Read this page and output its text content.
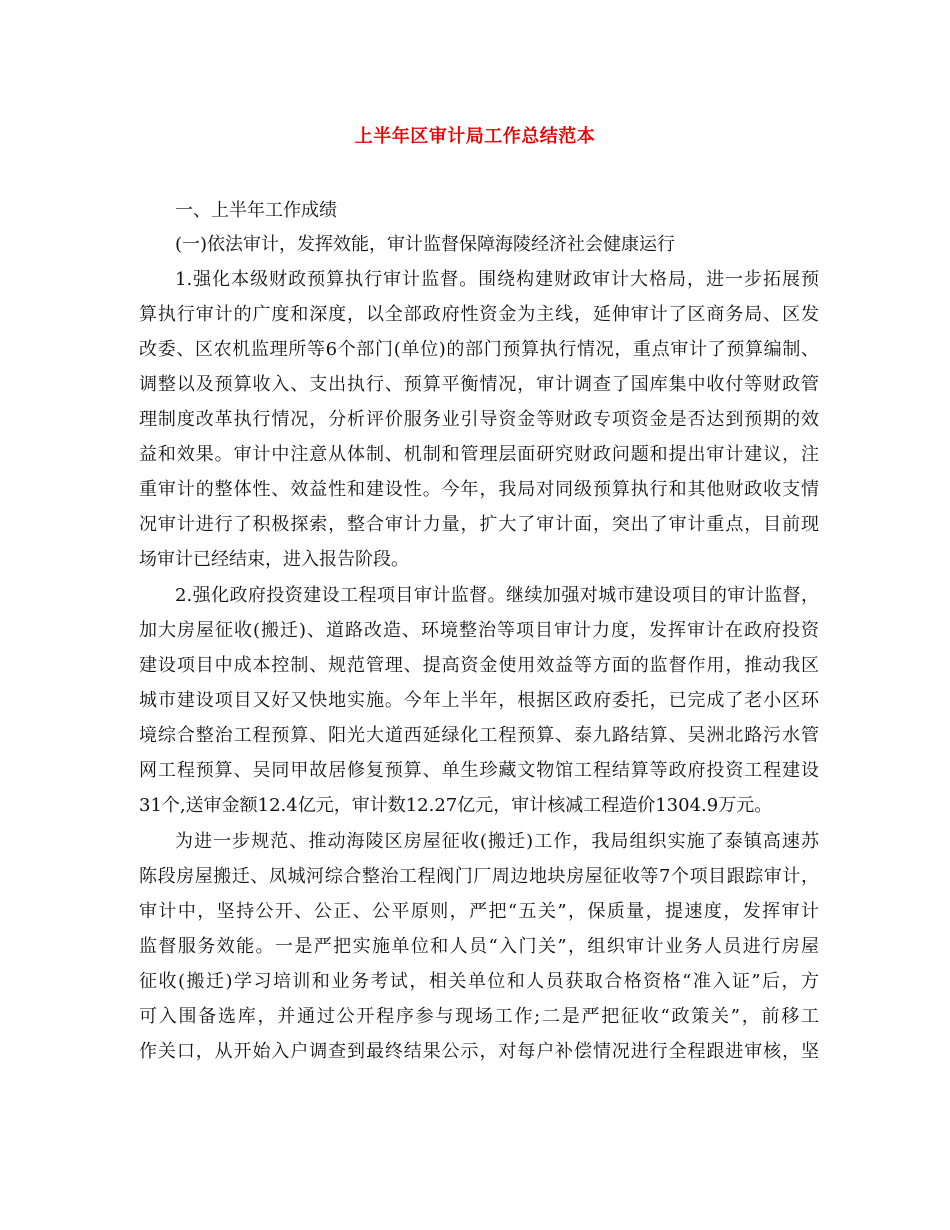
上半年区审计局工作总结范本
一、上半年工作成绩
(一)依法审计，发挥效能，审计监督保障海陵经济社会健康运行
1.强化本级财政预算执行审计监督。围绕构建财政审计大格局，进一步拓展预
算执行审计的广度和深度，以全部政府性资金为主线，延伸审计了区商务局、区发
改委、区农机监理所等6个部门(单位)的部门预算执行情况，重点审计了预算编制、
调整以及预算收入、支出执行、预算平衡情况，审计调查了国库集中收付等财政管
理制度改革执行情况，分析评价服务业引导资金等财政专项资金是否达到预期的效
益和效果。审计中注意从体制、机制和管理层面研究财政问题和提出审计建议，注
重审计的整体性、效益性和建设性。今年，我局对同级预算执行和其他财政收支情
况审计进行了积极探索，整合审计力量，扩大了审计面，突出了审计重点，目前现
场审计已经结束，进入报告阶段。
2.强化政府投资建设工程项目审计监督。继续加强对城市建设项目的审计监督，
加大房屋征收(搬迁)、道路改造、环境整治等项目审计力度，发挥审计在政府投资
建设项目中成本控制、规范管理、提高资金使用效益等方面的监督作用，推动我区
城市建设项目又好又快地实施。今年上半年，根据区政府委托，已完成了老小区环
境综合整治工程预算、阳光大道西延绿化工程预算、泰九路结算、吴洲北路污水管
网工程预算、吴同甲故居修复预算、单生珍藏文物馆工程结算等政府投资工程建设
31个,送审金额12.4亿元，审计数12.27亿元，审计核减工程造价1304.9万元。
为进一步规范、推动海陵区房屋征收(搬迁)工作，我局组织实施了泰镇高速苏
陈段房屋搬迁、凤城河综合整治工程阀门厂周边地块房屋征收等7个项目跟踪审计，
审计中，坚持公开、公正、公平原则，严把“五关”，保质量，提速度，发挥审计
监督服务效能。一是严把实施单位和人员“入门关”，组织审计业务人员进行房屋
征收(搬迁)学习培训和业务考试，相关单位和人员获取合格资格“准入证”后，方
可入围备选库，并通过公开程序参与现场工作;二是严把征收“政策关”，前移工
作关口，从开始入户调查到最终结果公示，对每户补偿情况进行全程跟进审核，坚
